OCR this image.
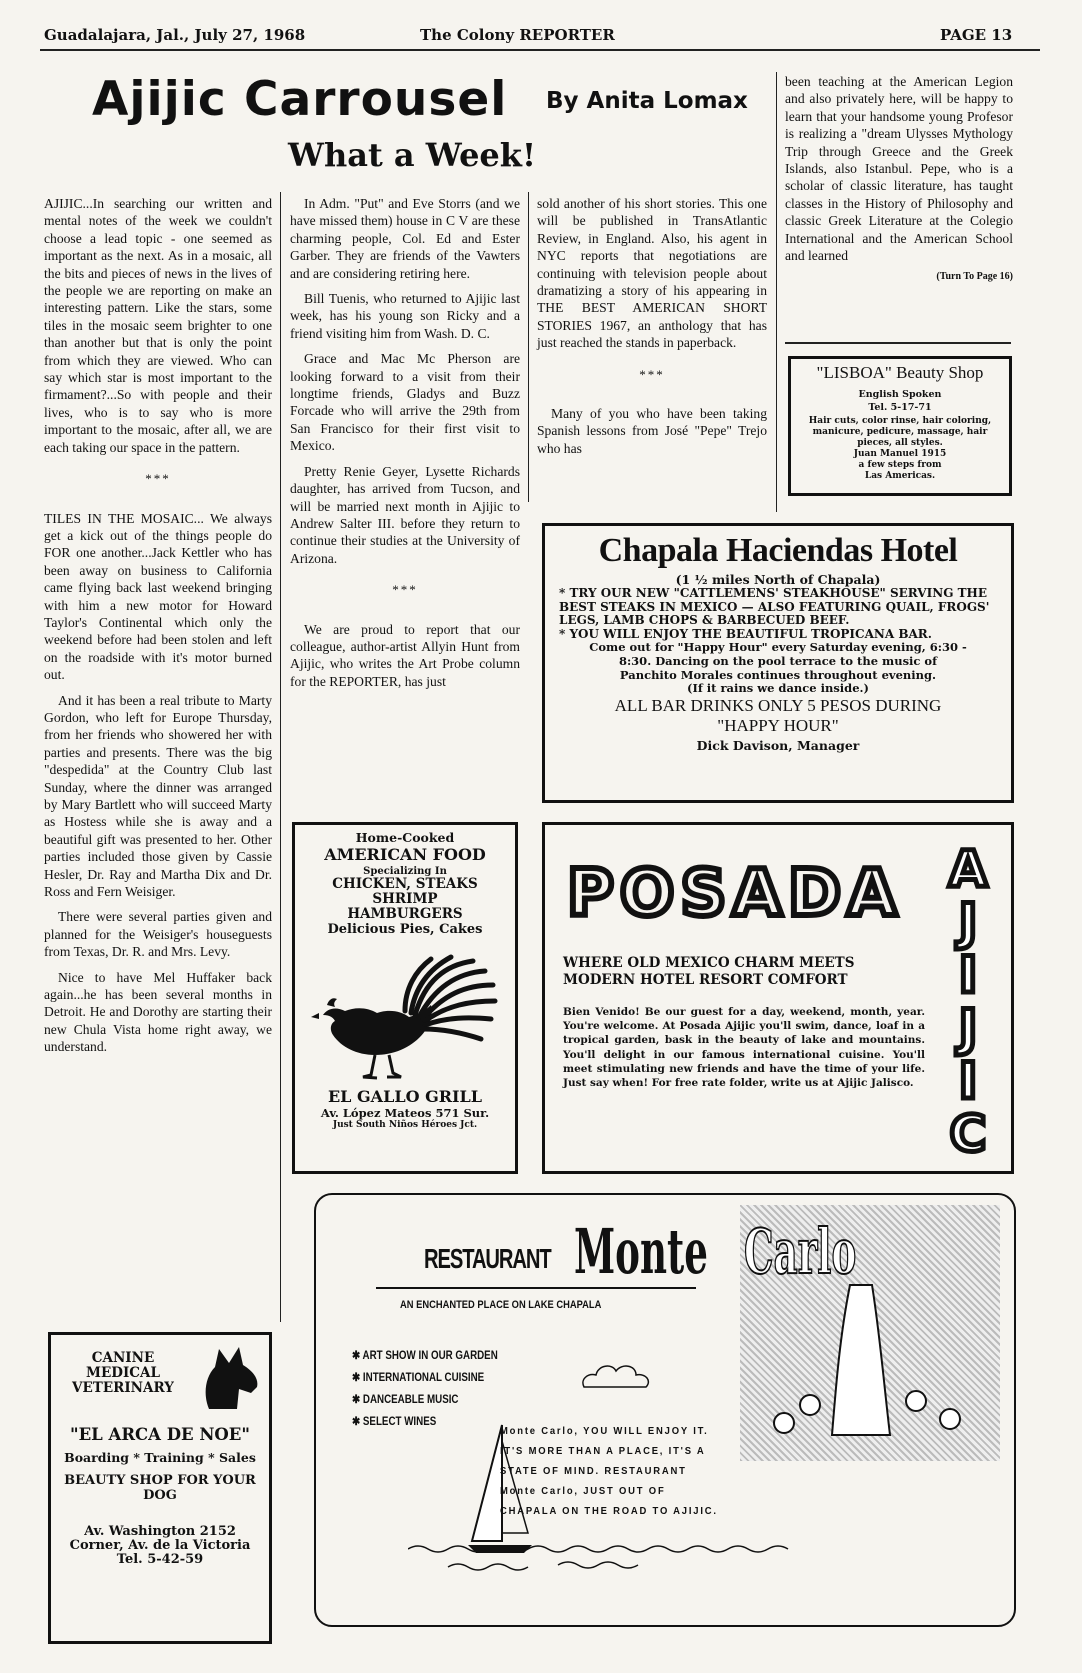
Guadalajara, Jal., July 27, 1968	The Colony REPORTER	PAGE 13
Ajijic Carrousel By Anita Lomax
What a Week!

AJIJIC...In searching our written and mental notes of the week we couldn't choose a lead topic - one seemed as important as the next. As in a mosaic, all the bits and pieces of news in the lives of the people we are reporting on make an interesting pattern. Like the stars, some tiles in the mosaic seem brighter to one than another but that is only the point from which they are viewed. Who can say which star is most important to the firmament?...So with people and their lives, who is to say who is more important to the mosaic, after all, we are each taking our space in the pattern.

***

TILES IN THE MOSAIC... We always get a kick out of the things people do FOR one another...Jack Kettler who has been away on business to California came flying back last weekend bringing with him a new motor for Howard Taylor's Continental which only the weekend before had been stolen and left on the roadside with it's motor burned out.

And it has been a real tribute to Marty Gordon, who left for Europe Thursday, from her friends who showered her with parties and presents. There was the big "despedida" at the Country Club last Sunday, where the dinner was arranged by Mary Bartlett who will succeed Marty as Hostess while she is away and a beautiful gift was presented to her. Other parties included those given by Cassie Hesler, Dr. Ray and Martha Dix and Dr. Ross and Fern Weisiger.

There were several parties given and planned for the Weisiger's houseguests from Texas, Dr. R. and Mrs. Levy.

Nice to have Mel Huffaker back again...he has been several months in Detroit. He and Dorothy are starting their new Chula Vista home right away, we understand.

In Adm. "Put" and Eve Storrs (and we have missed them) house in C V are these charming people, Col. Ed and Ester Garber. They are friends of the Vawters and are considering retiring here.

Bill Tuenis, who returned to Ajijic last week, has his young son Ricky and a friend visiting him from Wash. D. C.

Grace and Mac Mc Pherson are looking forward to a visit from their longtime friends, Gladys and Buzz Forcade who will arrive the 29th from San Francisco for their first visit to Mexico.

Pretty Renie Geyer, Lysette Richards daughter, has arrived from Tucson, and will be married next month in Ajijic to Andrew Salter III. before they return to continue their studies at the University of Arizona.

***

We are proud to report that our colleague, author-artist Allyin Hunt from Ajijic, who writes the Art Probe column for the REPORTER, has just

sold another of his short stories. This one will be published in TransAtlantic Review, in England. Also, his agent in NYC reports that negotiations are continuing with television people about dramatizing a story of his appearing in THE BEST AMERICAN SHORT STORIES 1967, an anthology that has just reached the stands in paperback.

***

Many of you who have been taking Spanish lessons from José "Pepe" Trejo who has

been teaching at the American Legion and also privately here, will be happy to learn that your handsome young Profesor is realizing a "dream Ulysses Mythology Trip through Greece and the Greek Islands, also Istanbul. Pepe, who is a scholar of classic literature, has taught classes in the History of Philosophy and classic Greek Literature at the Colegio International and the American School and learned

(Turn To Page 16)
"LISBOA" Beauty Shop
English Spoken
Tel. 5-17-71
Hair cuts, color rinse, hair coloring, manicure, pedicure, massage, hair pieces, all styles.
Juan Manuel 1915
a few steps from
Las Americas.
Chapala Haciendas Hotel
(1 ½ miles North of Chapala)
* TRY OUR NEW "CATTLEMENS' STEAKHOUSE" SERVING THE BEST STEAKS IN MEXICO — ALSO FEATURING QUAIL, FROGS' LEGS, LAMB CHOPS & BARBECUED BEEF.
* YOU WILL ENJOY THE BEAUTIFUL TROPICANA BAR.
Come out for "Happy Hour" every Saturday evening, 6:30 - 8:30. Dancing on the pool terrace to the music of Panchito Morales continues throughout evening.
(If it rains we dance inside.)
ALL BAR DRINKS ONLY 5 PESOS DURING
"HAPPY HOUR"
Dick Davison, Manager
Home-Cooked
AMERICAN FOOD
Specializing In
CHICKEN, STEAKS
SHRIMP
HAMBURGERS
Delicious Pies, Cakes
EL GALLO GRILL
Av. López Mateos 571 Sur.
Just South Niños Héroes Jct.
POSADA A
J
I
J
I
C
WHERE OLD MEXICO CHARM MEETS MODERN HOTEL RESORT COMFORT
Bien Venido! Be our guest for a day, weekend, month, year. You're welcome. At Posada Ajijic you'll swim, dance, loaf in a tropical garden, bask in the beauty of lake and mountains. You'll delight in our famous international cuisine. You'll meet stimulating new friends and have the time of your life. Just say when! For free rate folder, write us at Ajijic Jalisco.
CANINE
MEDICAL
VETERINARY
"EL ARCA DE NOE"
Boarding * Training * Sales
BEAUTY SHOP FOR YOUR DOG
Av. Washington 2152
Corner, Av. de la Victoria
Tel. 5-42-59
RESTAURANT Monte Carlo
AN ENCHANTED PLACE ON LAKE CHAPALA
✱ ART SHOW IN OUR GARDEN
✱ INTERNATIONAL CUISINE
✱ DANCEABLE MUSIC
✱ SELECT WINES
Monte Carlo, YOU WILL ENJOY IT.
IT'S MORE THAN A PLACE, IT'S A
STATE OF MIND. RESTAURANT
Monte Carlo, JUST OUT OF
CHAPALA ON THE ROAD TO AJIJIC.
